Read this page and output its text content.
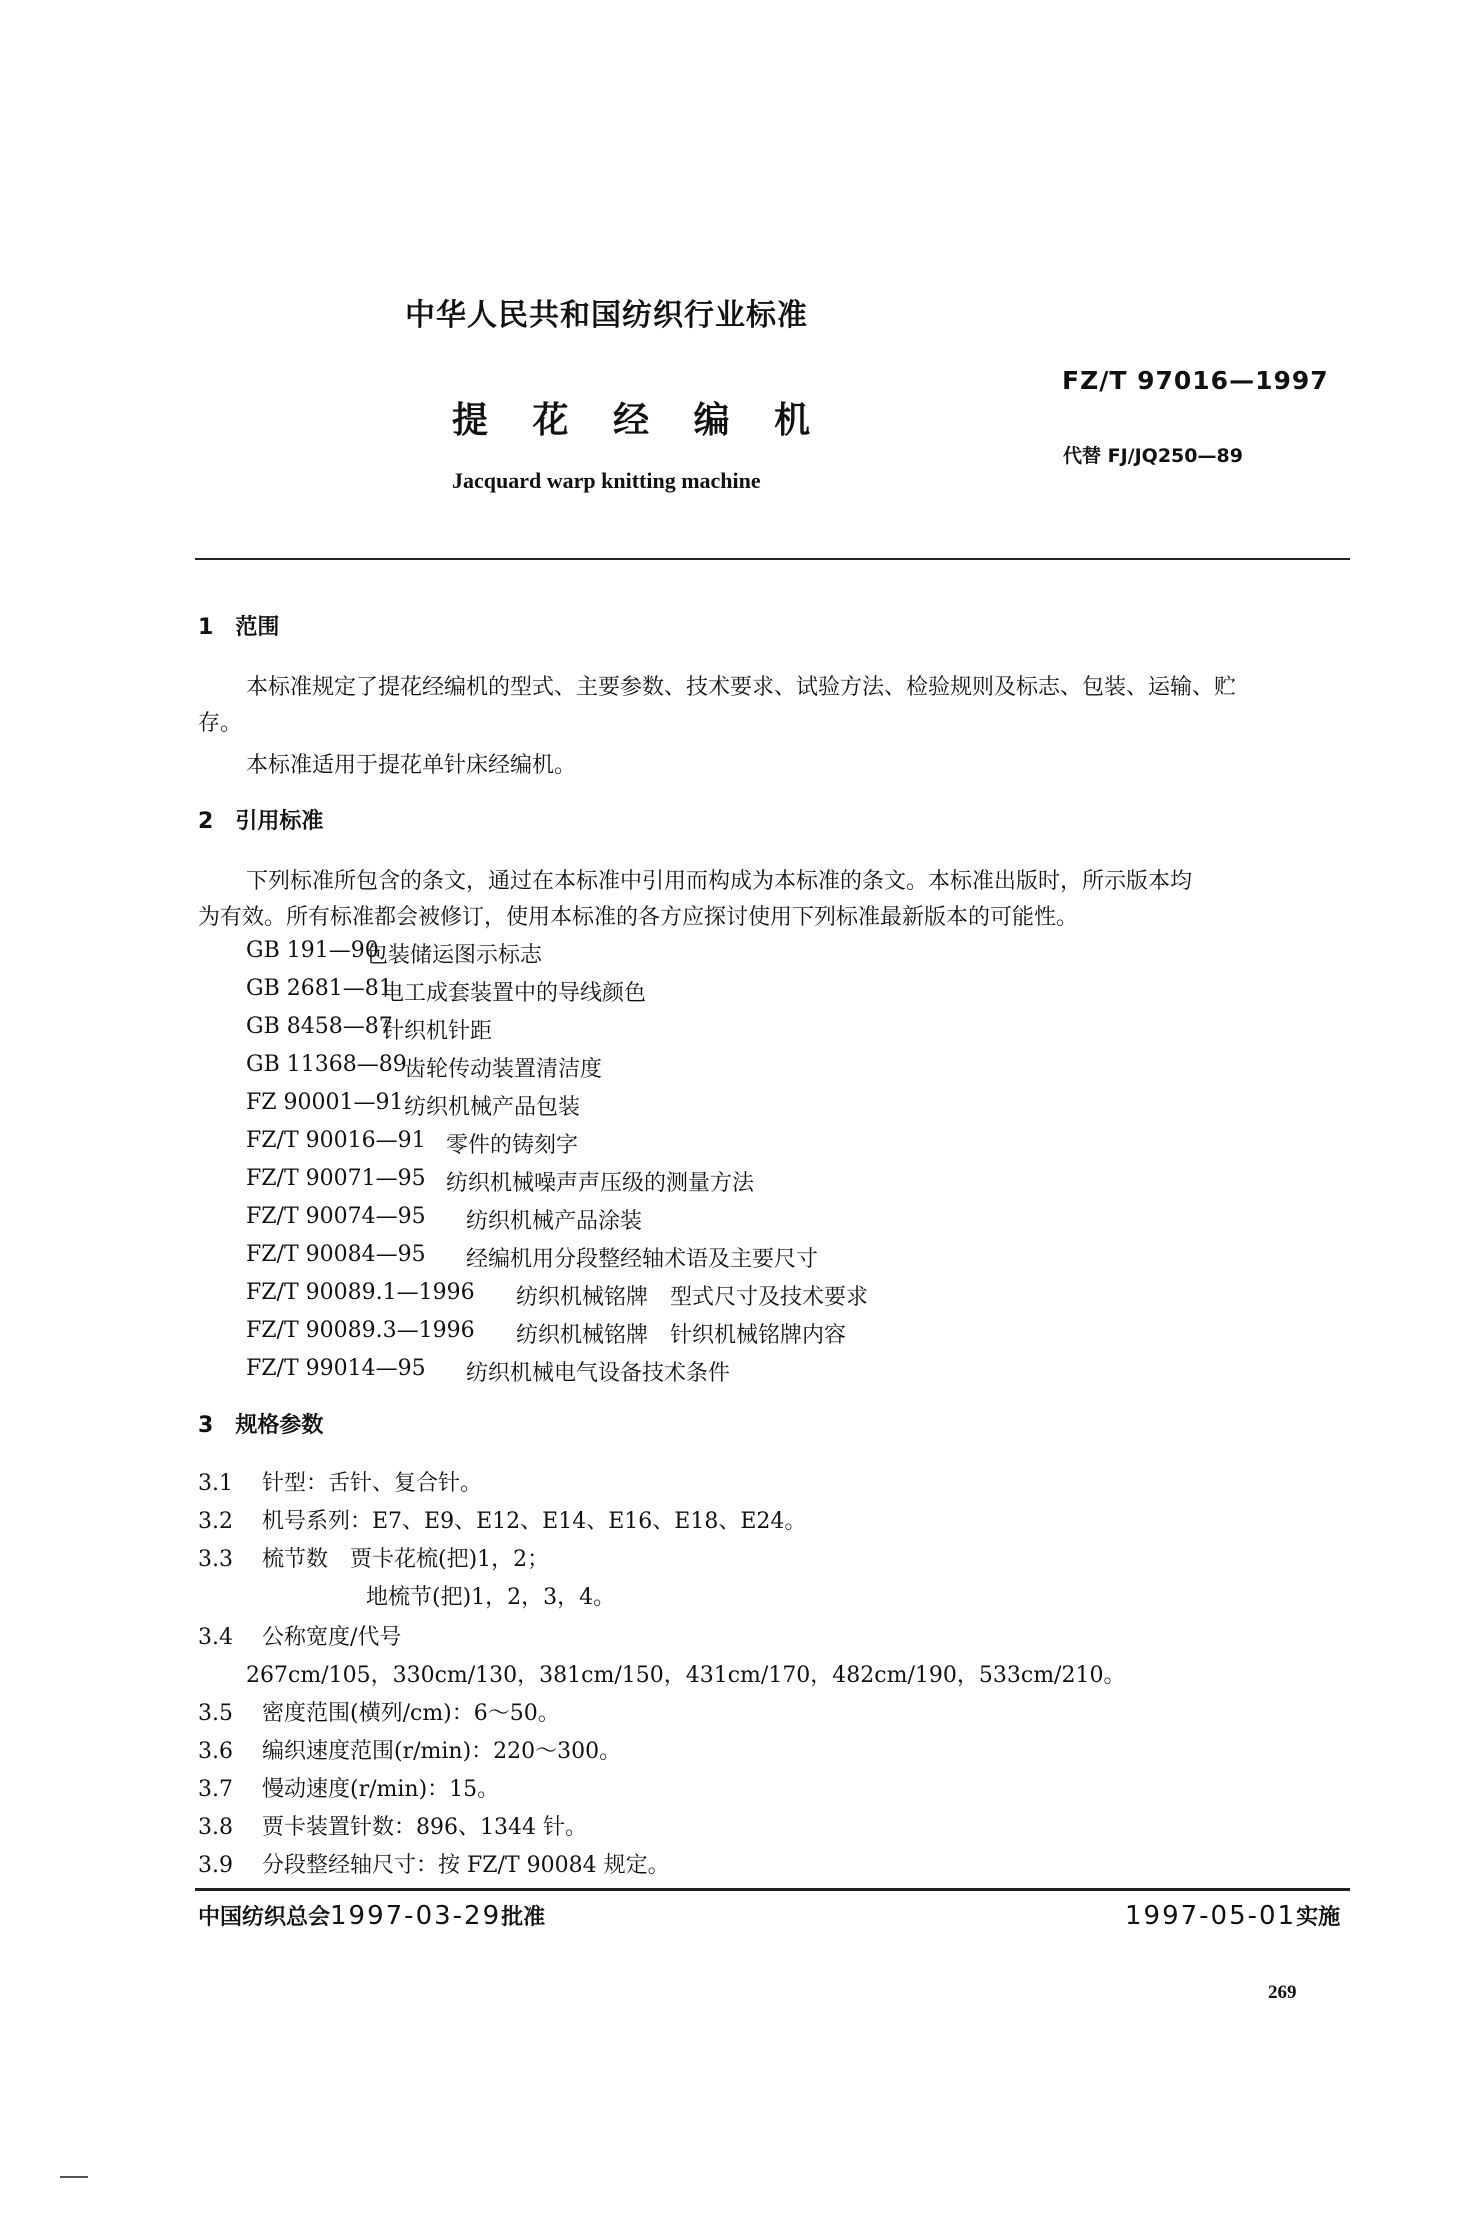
中华人民共和国纺织行业标准
FZ/T 97016—1997
提 花 经 编 机
代替 FJ/JQ250—89
Jacquard warp knitting machine
1 范围
本标准规定了提花经编机的型式、主要参数、技术要求、试验方法、检验规则及标志、包装、运输、贮
存。
本标准适用于提花单针床经编机。
2 引用标准
下列标准所包含的条文，通过在本标准中引用而构成为本标准的条文。本标准出版时，所示版本均
为有效。所有标准都会被修订，使用本标准的各方应探讨使用下列标准最新版本的可能性。
GB 191—90
包装储运图示标志
GB 2681—81
电工成套装置中的导线颜色
GB 8458—87
针织机针距
GB 11368—89
齿轮传动装置清洁度
FZ 90001—91 纺织机械产品包装
FZ/T 90016—91 零件的铸刻字
FZ/T 90071—95 纺织机械噪声声压级的测量方法
FZ/T 90074—95 纺织机械产品涂装
FZ/T 90084—95 经编机用分段整经轴术语及主要尺寸
FZ/T 90089.1—1996 纺织机械铭牌　型式尺寸及技术要求
FZ/T 90089.3—1996 纺织机械铭牌　针织机械铭牌内容
FZ/T 99014—95 纺织机械电气设备技术条件
3 规格参数
3.1 针型：舌针、复合针。
3.2 机号系列：E7、E9、E12、E14、E16、E18、E24。
3.3 梳节数　贾卡花梳(把)1，2；
地梳节(把)1，2，3，4。
3.4 公称宽度/代号
267cm/105，330cm/130，381cm/150，431cm/170，482cm/190，533cm/210。
3.5 密度范围(横列/cm)：6～50。
3.6 编织速度范围(r/min)：220～300。
3.7 慢动速度(r/min)：15。
3.8 贾卡装置针数：896、1344 针。
3.9 分段整经轴尺寸：按 FZ/T 90084 规定。
中国纺织总会1997-03-29批准	1997-05-01实施
269
